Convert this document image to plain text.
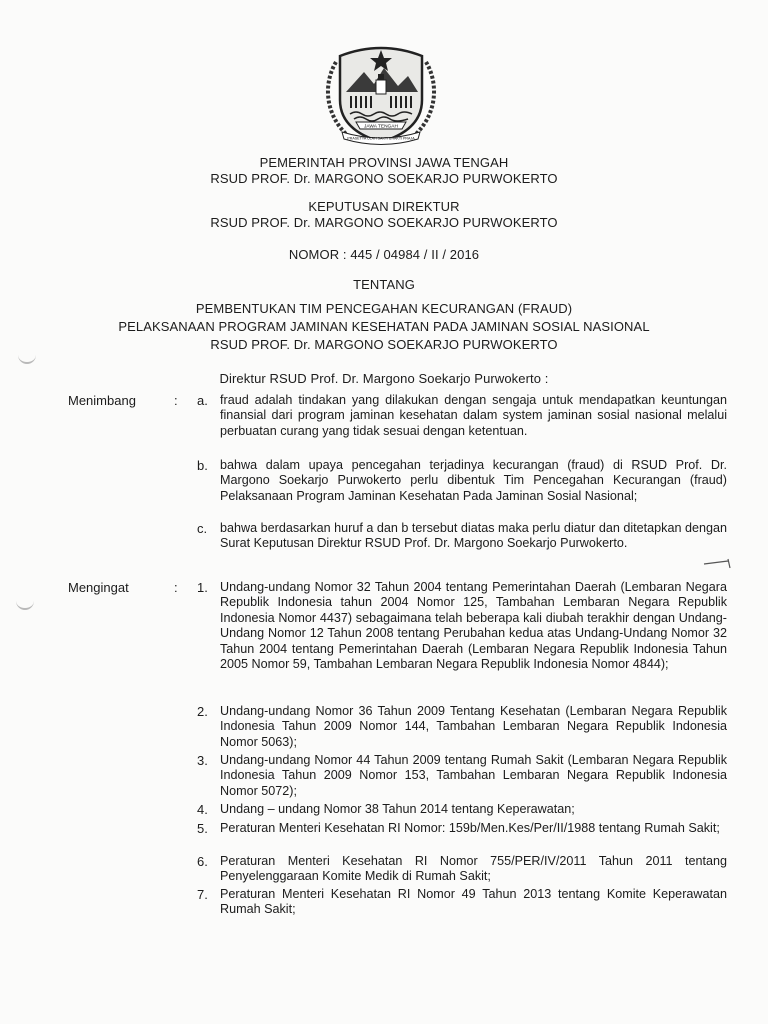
JAWA TENGAH
PRASETYA ULAH SAKTI BHAKTI PRAJA
PEMERINTAH PROVINSI JAWA TENGAH
RSUD PROF. Dr. MARGONO SOEKARJO PURWOKERTO
KEPUTUSAN DIREKTUR
RSUD PROF. Dr. MARGONO SOEKARJO PURWOKERTO
NOMOR : 445 / 04984 / II / 2016
TENTANG
PEMBENTUKAN TIM PENCEGAHAN KECURANGAN (FRAUD)
PELAKSANAAN PROGRAM JAMINAN KESEHATAN PADA JAMINAN SOSIAL NASIONAL
RSUD PROF. Dr. MARGONO SOEKARJO PURWOKERTO
Direktur RSUD Prof. Dr. Margono Soekarjo Purwokerto :
Menimbang	: a. fraud adalah tindakan yang dilakukan dengan sengaja untuk mendapatkan keuntungan finansial dari program jaminan kesehatan dalam system jaminan sosial nasional melalui perbuatan curang yang tidak sesuai dengan ketentuan.
b. bahwa dalam upaya pencegahan terjadinya kecurangan (fraud) di RSUD Prof. Dr. Margono Soekarjo Purwokerto perlu dibentuk Tim Pencegahan Kecurangan (fraud) Pelaksanaan Program Jaminan Kesehatan Pada Jaminan Sosial Nasional;
c. bahwa berdasarkan huruf a dan b tersebut diatas maka perlu diatur dan ditetapkan dengan Surat Keputusan Direktur RSUD Prof. Dr. Margono Soekarjo Purwokerto.
Mengingat	: 1. Undang-undang Nomor 32 Tahun 2004 tentang Pemerintahan Daerah (Lembaran Negara Republik Indonesia tahun 2004 Nomor 125, Tambahan Lembaran Negara Republik Indonesia Nomor 4437) sebagaimana telah beberapa kali diubah terakhir dengan Undang-Undang Nomor 12 Tahun 2008 tentang Perubahan kedua atas Undang-Undang Nomor 32 Tahun 2004 tentang Pemerintahan Daerah (Lembaran Negara Republik Indonesia Tahun 2005 Nomor 59, Tambahan Lembaran Negara Republik Indonesia Nomor 4844);
2. Undang-undang Nomor 36 Tahun 2009 Tentang Kesehatan (Lembaran Negara Republik Indonesia Tahun 2009 Nomor 144, Tambahan Lembaran Negara Republik Indonesia Nomor 5063);
3. Undang-undang Nomor 44 Tahun 2009 tentang Rumah Sakit (Lembaran Negara Republik Indonesia Tahun 2009 Nomor 153, Tambahan Lembaran Negara Republik Indonesia Nomor 5072);
4. Undang – undang Nomor 38 Tahun 2014 tentang Keperawatan;
5. Peraturan Menteri Kesehatan RI Nomor: 159b/Men.Kes/Per/II/1988 tentang Rumah Sakit;
6. Peraturan Menteri Kesehatan RI Nomor 755/PER/IV/2011 Tahun 2011 tentang Penyelenggaraan Komite Medik di Rumah Sakit;
7. Peraturan Menteri Kesehatan RI Nomor 49 Tahun 2013 tentang Komite Keperawatan Rumah Sakit;
